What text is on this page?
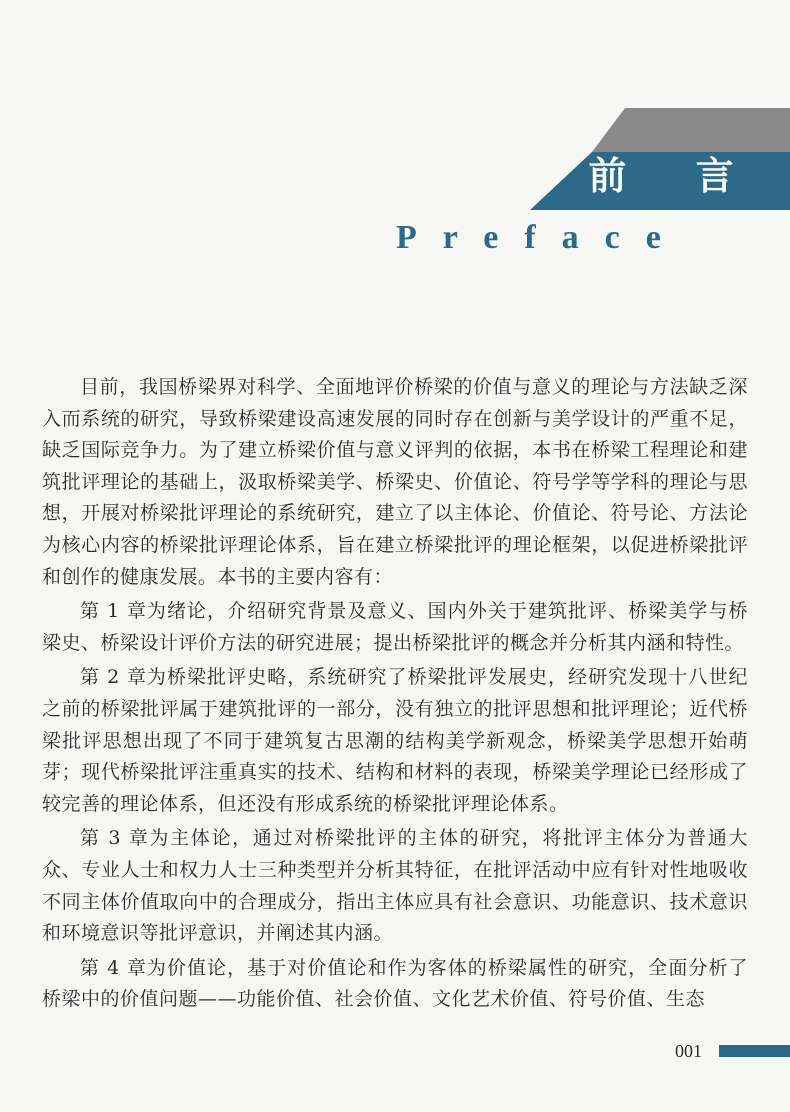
前 言
Preface

目前，我国桥梁界对科学、全面地评价桥梁的价值与意义的理论与方法缺乏深入而系统的研究，导致桥梁建设高速发展的同时存在创新与美学设计的严重不足，缺乏国际竞争力。为了建立桥梁价值与意义评判的依据，本书在桥梁工程理论和建筑批评理论的基础上，汲取桥梁美学、桥梁史、价值论、符号学等学科的理论与思想，开展对桥梁批评理论的系统研究，建立了以主体论、价值论、符号论、方法论为核心内容的桥梁批评理论体系，旨在建立桥梁批评的理论框架，以促进桥梁批评和创作的健康发展。本书的主要内容有：

第 1 章为绪论，介绍研究背景及意义、国内外关于建筑批评、桥梁美学与桥梁史、桥梁设计评价方法的研究进展；提出桥梁批评的概念并分析其内涵和特性。

第 2 章为桥梁批评史略，系统研究了桥梁批评发展史，经研究发现十八世纪之前的桥梁批评属于建筑批评的一部分，没有独立的批评思想和批评理论；近代桥梁批评思想出现了不同于建筑复古思潮的结构美学新观念，桥梁美学思想开始萌芽；现代桥梁批评注重真实的技术、结构和材料的表现，桥梁美学理论已经形成了较完善的理论体系，但还没有形成系统的桥梁批评理论体系。

第 3 章为主体论，通过对桥梁批评的主体的研究，将批评主体分为普通大众、专业人士和权力人士三种类型并分析其特征，在批评活动中应有针对性地吸收不同主体价值取向中的合理成分，指出主体应具有社会意识、功能意识、技术意识和环境意识等批评意识，并阐述其内涵。

第 4 章为价值论，基于对价值论和作为客体的桥梁属性的研究，全面分析了桥梁中的价值问题——功能价值、社会价值、文化艺术价值、符号价值、生态

001
